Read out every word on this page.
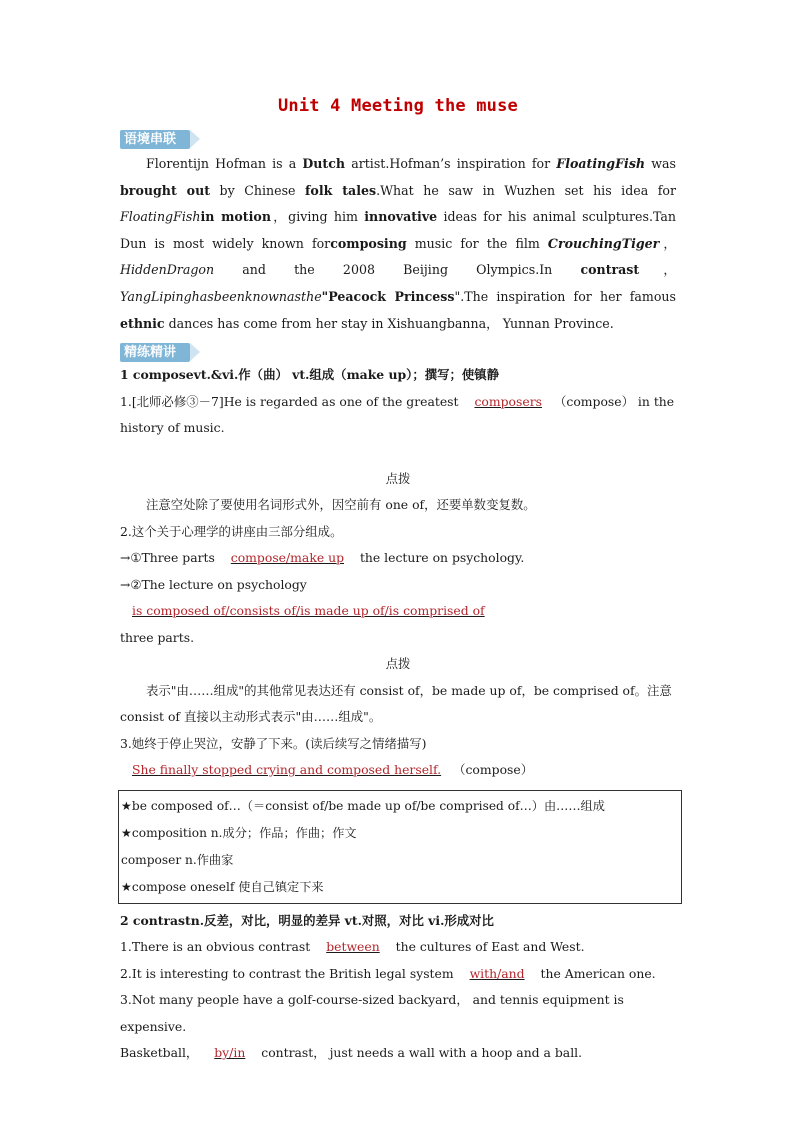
Unit 4 Meeting the muse
语境串联

Florentijn Hofman is a Dutch artist.Hofman’s inspiration for FloatingFish was brought out by Chinese folk tales.What he saw in Wuzhen set his idea for FloatingFishin motion，giving him innovative ideas for his animal sculptures.Tan Dun is most widely known forcomposing music for the film CrouchingTiger， HiddenDragon and the 2008 Beijing Olympics.In contrast，YangLipinghasbeenknownasthe"Peacock Princess".The inspiration for her famous ethnic dances has come from her stay in Xishuangbanna， Yunnan Province.

精练精讲

1 composevt.&vi.作（曲） vt.组成（make up）；撰写；使镇静

1.[北师必修③－7]He is regarded as one of the greatest composers （compose） in the history of music.

点拨

注意空处除了要使用名词形式外，因空前有 one of，还要单数变复数。

2.这个关于心理学的讲座由三部分组成。

→①Three parts compose/make up the lecture on psychology.

→②The lecture on psychology is composed of/consists of/is made up of/is comprised of

three parts.

点拨

表示"由……组成"的其他常见表达还有 consist of，be made up of，be comprised of。注意 consist of 直接以主动形式表示"由……组成"。

3.她终于停止哭泣，安静了下来。(读后续写之情绪描写)

She finally stopped crying and composed herself. （compose）

★be composed of…（＝consist of/be made up of/be comprised of…）由……组成

★composition n.成分；作品；作曲；作文

composer n.作曲家

★compose oneself 使自己镇定下来

2 contrastn.反差，对比，明显的差异 vt.对照，对比 vi.形成对比

1.There is an obvious contrast between the cultures of East and West.

2.It is interesting to contrast the British legal system with/and the American one.

3.Not many people have a golf‑course‑sized backyard， and tennis equipment is expensive.

Basketball， by/in contrast， just needs a wall with a hoop and a ball.
